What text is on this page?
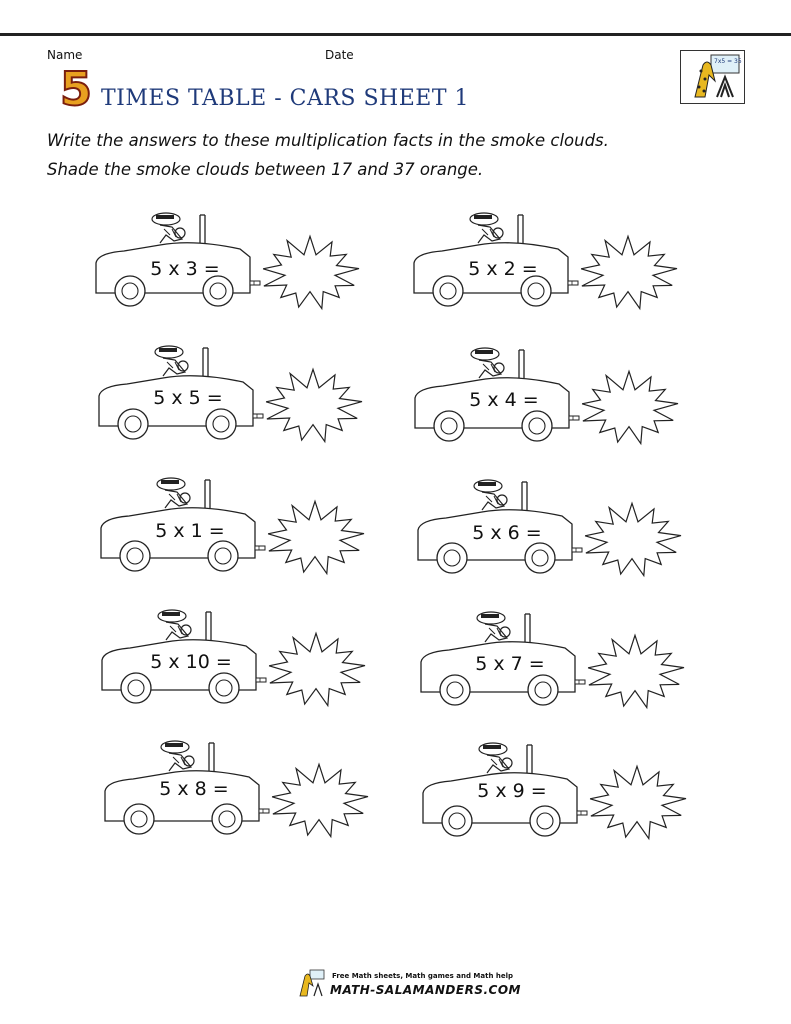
Name	Date
5 TIMES TABLE - CARS SHEET 1
7x5 = 35
Write the answers to these multiplication facts in the smoke clouds.
Shade the smoke clouds between 17 and 37 orange.
5 x 3 =	5 x 2 =
5 x 5 =	5 x 4 =
5 x 1 =	5 x 6 =
5 x 10 =	5 x 7 =
5 x 8 =	5 x 9 =
Free Math sheets, Math games and Math help
MATH-SALAMANDERS.COM
